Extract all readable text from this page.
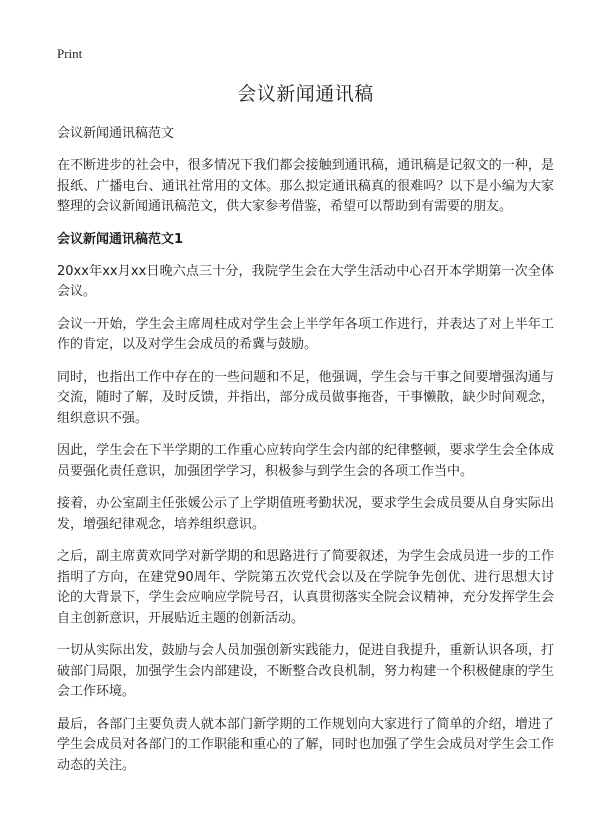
Print
会议新闻通讯稿
会议新闻通讯稿范文

在不断进步的社会中，很多情况下我们都会接触到通讯稿，通讯稿是记叙文的一种，是报纸、广播电台、通讯社常用的文体。那么拟定通讯稿真的很难吗？以下是小编为大家整理的会议新闻通讯稿范文，供大家参考借鉴，希望可以帮助到有需要的朋友。

会议新闻通讯稿范文1

20xx年xx月xx日晚六点三十分，我院学生会在大学生活动中心召开本学期第一次全体会议。

会议一开始，学生会主席周柱成对学生会上半学年各项工作进行，并表达了对上半年工作的肯定，以及对学生会成员的希冀与鼓励。

同时，也指出工作中存在的一些问题和不足，他强调，学生会与干事之间要增强沟通与交流，随时了解，及时反馈，并指出，部分成员做事拖沓，干事懒散，缺少时间观念，组织意识不强。

因此，学生会在下半学期的工作重心应转向学生会内部的纪律整顿，要求学生会全体成员要强化责任意识，加强团学学习，积极参与到学生会的各项工作当中。

接着，办公室副主任张媛公示了上学期值班考勤状况，要求学生会成员要从自身实际出发，增强纪律观念，培养组织意识。

之后，副主席黄欢同学对新学期的和思路进行了简要叙述，为学生会成员进一步的工作指明了方向，在建党90周年、学院第五次党代会以及在学院争先创优、进行思想大讨论的大背景下，学生会应响应学院号召，认真贯彻落实全院会议精神，充分发挥学生会 自主创新意识，开展贴近主题的创新活动。

一切从实际出发，鼓励与会人员加强创新实践能力，促进自我提升，重新认识各项，打破部门局限，加强学生会内部建设，不断整合改良机制，努力构建一个积极健康的学生会工作环境。

最后，各部门主要负责人就本部门新学期的工作规划向大家进行了简单的介绍，增进了 学生会成员对各部门的工作职能和重心的了解，同时也加强了学生会成员对学生会工作动态的关注。
